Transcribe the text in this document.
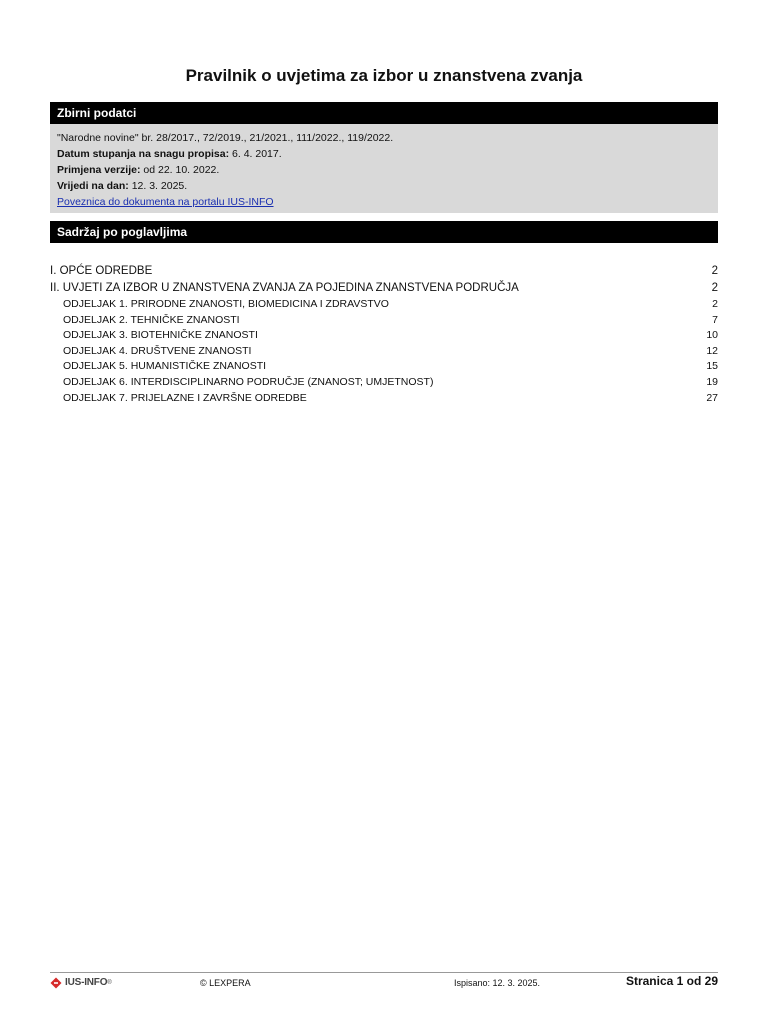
Pravilnik o uvjetima za izbor u znanstvena zvanja
Zbirni podatci
"Narodne novine" br. 28/2017., 72/2019., 21/2021., 111/2022., 119/2022.
Datum stupanja na snagu propisa: 6. 4. 2017.
Primjena verzije: od 22. 10. 2022.
Vrijedi na dan: 12. 3. 2025.
Poveznica do dokumenta na portalu IUS-INFO
Sadržaj po poglavljima
I. OPĆE ODREDBE	2
II. UVJETI ZA IZBOR U ZNANSTVENA ZVANJA ZA POJEDINA ZNANSTVENA PODRUČJA	2
ODJELJAK 1. PRIRODNE ZNANOSTI, BIOMEDICINA I ZDRAVSTVO	2
ODJELJAK 2. TEHNIČKE ZNANOSTI	7
ODJELJAK 3. BIOTEHNIČKE ZNANOSTI	10
ODJELJAK 4. DRUŠTVENE ZNANOSTI	12
ODJELJAK 5. HUMANISTIČKE ZNANOSTI	15
ODJELJAK 6. INTERDISCIPLINARNO PODRUČJE (ZNANOST; UMJETNOST)	19
ODJELJAK 7. PRIJELAZNE I ZAVRŠNE ODREDBE	27
IUS-INFO ®	© LEXPERA	Ispisano: 12. 3. 2025.	Stranica 1 od 29
